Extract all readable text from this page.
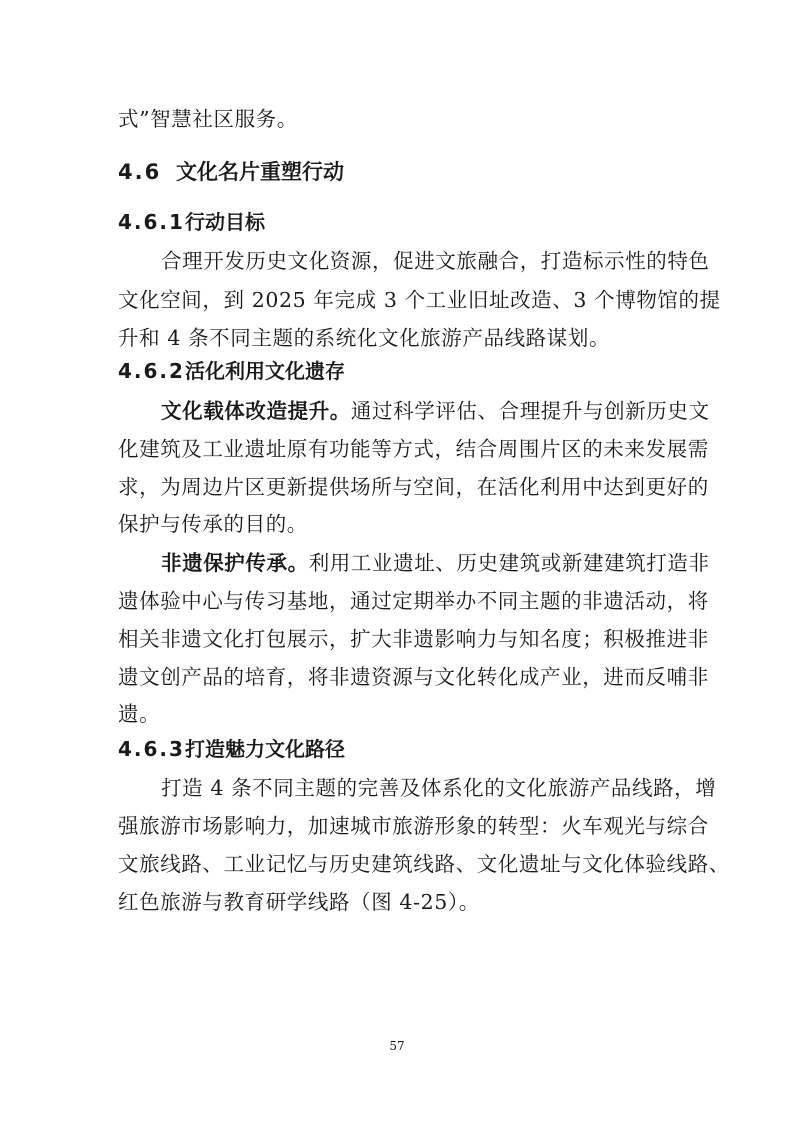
式”智慧社区服务。
4.6 文化名片重塑行动
4.6.1行动目标
合理开发历史文化资源，促进文旅融合，打造标示性的特色
文化空间，到 2025 年完成 3 个工业旧址改造、3 个博物馆的提
升和 4 条不同主题的系统化文化旅游产品线路谋划。
4.6.2活化利用文化遗存
文化载体改造提升。通过科学评估、合理提升与创新历史文
化建筑及工业遗址原有功能等方式，结合周围片区的未来发展需
求，为周边片区更新提供场所与空间，在活化利用中达到更好的
保护与传承的目的。
非遗保护传承。利用工业遗址、历史建筑或新建建筑打造非
遗体验中心与传习基地，通过定期举办不同主题的非遗活动，将
相关非遗文化打包展示，扩大非遗影响力与知名度；积极推进非
遗文创产品的培育，将非遗资源与文化转化成产业，进而反哺非
遗。
4.6.3打造魅力文化路径
打造 4 条不同主题的完善及体系化的文化旅游产品线路，增
强旅游市场影响力，加速城市旅游形象的转型：火车观光与综合
文旅线路、工业记忆与历史建筑线路、文化遗址与文化体验线路、
红色旅游与教育研学线路（图 4-25）。
57
